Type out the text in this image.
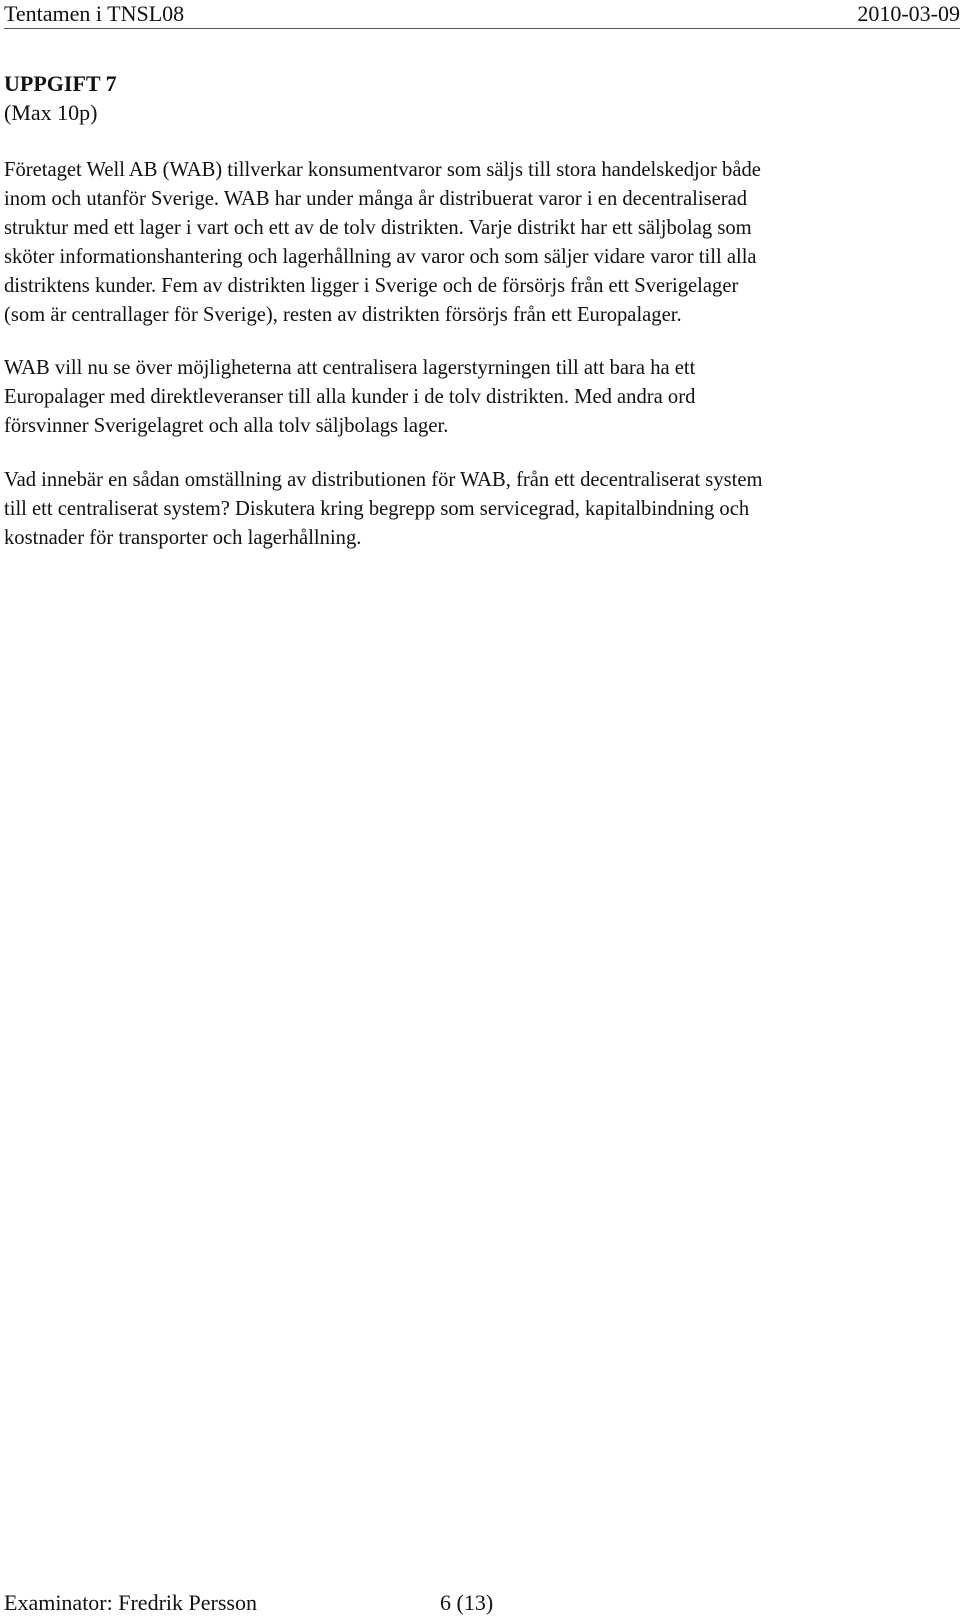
Tentamen i TNSL08	2010-03-09
UPPGIFT 7
(Max 10p)

Företaget Well AB (WAB) tillverkar konsumentvaror som säljs till stora handelskedjor både
inom och utanför Sverige. WAB har under många år distribuerat varor i en decentraliserad
struktur med ett lager i vart och ett av de tolv distrikten. Varje distrikt har ett säljbolag som
sköter informationshantering och lagerhållning av varor och som säljer vidare varor till alla
distriktens kunder. Fem av distrikten ligger i Sverige och de försörjs från ett Sverigelager
(som är centrallager för Sverige), resten av distrikten försörjs från ett Europalager.

WAB vill nu se över möjligheterna att centralisera lagerstyrningen till att bara ha ett
Europalager med direktleveranser till alla kunder i de tolv distrikten. Med andra ord
försvinner Sverigelagret och alla tolv säljbolags lager.

Vad innebär en sådan omställning av distributionen för WAB, från ett decentraliserat system
till ett centraliserat system? Diskutera kring begrepp som servicegrad, kapitalbindning och
kostnader för transporter och lagerhållning.

Examinator: Fredrik Persson	6 (13)
